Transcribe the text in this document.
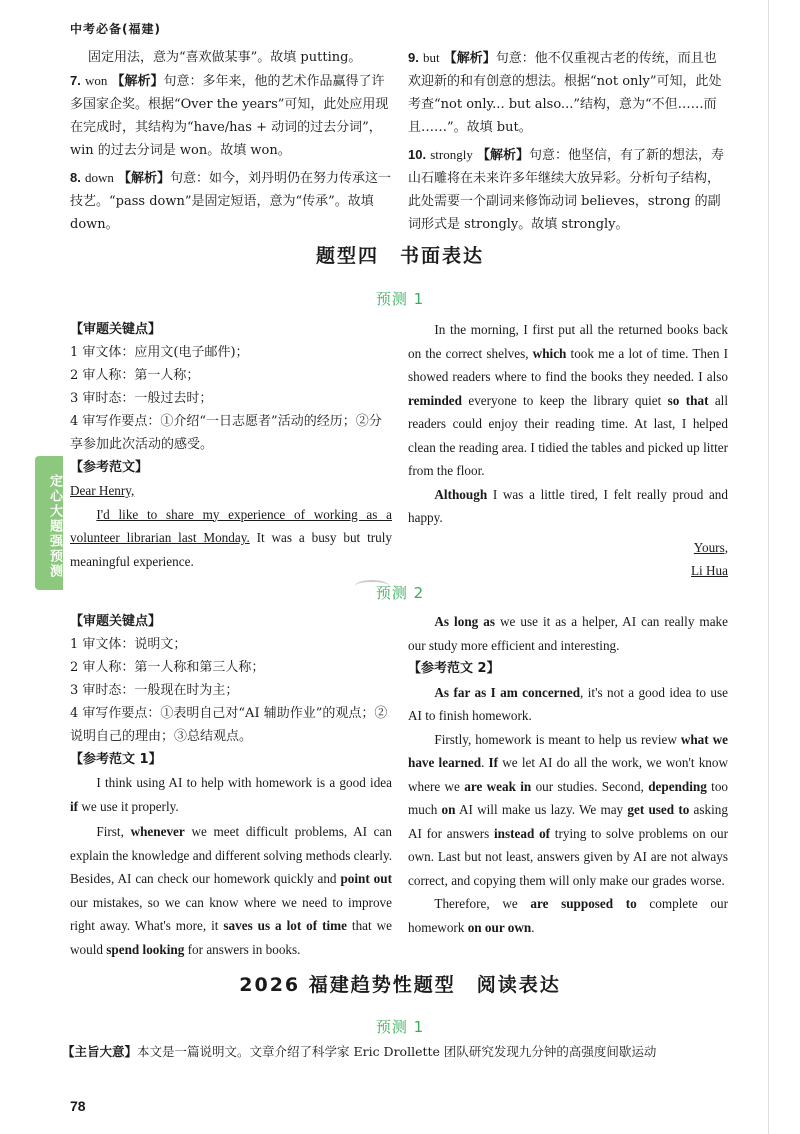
中考必备(福建)

固定用法，意为“喜欢做某事”。故填 putting。

7. won 【解析】句意：多年来，他的艺术作品赢得了许多国家企奖。根据“Over the years”可知，此处应用现在完成时，其结构为“have/has + 动词的过去分词”，win 的过去分词是 won。故填 won。

8. down 【解析】句意：如今，刘丹明仍在努力传承这一技艺。“pass down”是固定短语，意为“传承”。故填 down。

9. but 【解析】句意：他不仅重视古老的传统，而且也欢迎新的和有创意的想法。根据“not only”可知，此处考查“not only... but also...”结构，意为“不但……而且……”。故填 but。

10. strongly 【解析】句意：他坚信，有了新的想法，寿山石雕将在未来许多年继续大放异彩。分析句子结构，此处需要一个副词来修饰动词 believes，strong 的副词形式是 strongly。故填 strongly。

题型四　书面表达
预测 1

【审题关键点】

1 审文体：应用文(电子邮件)；

2 审人称：第一人称；

3 审时态：一般过去时；

4 审写作要点：①介绍“一日志愿者”活动的经历；②分享参加此次活动的感受。

【参考范文】

Dear Henry,

I'd like to share my experience of working as a volunteer librarian last Monday. It was a busy but truly meaningful experience.

In the morning, I first put all the returned books back on the correct shelves, which took me a lot of time. Then I showed readers where to find the books they needed. I also reminded everyone to keep the library quiet so that all readers could enjoy their reading time. At last, I helped clean the reading area. I tidied the tables and picked up litter from the floor.

Although I was a little tired, I felt really proud and happy.

Yours,

Li Hua

定心大题强预测
预测 2

【审题关键点】

1 审文体：说明文；

2 审人称：第一人称和第三人称；

3 审时态：一般现在时为主；

4 审写作要点：①表明自己对“AI 辅助作业”的观点；②说明自己的理由；③总结观点。

【参考范文 1】

I think using AI to help with homework is a good idea if we use it properly.

First, whenever we meet difficult problems, AI can explain the knowledge and different solving methods clearly. Besides, AI can check our homework quickly and point out our mistakes, so we can know where we need to improve right away. What's more, it saves us a lot of time that we would spend looking for answers in books.

As long as we use it as a helper, AI can really make our study more efficient and interesting.

【参考范文 2】

As far as I am concerned, it's not a good idea to use AI to finish homework.

Firstly, homework is meant to help us review what we have learned. If we let AI do all the work, we won't know where we are weak in our studies. Second, depending too much on AI will make us lazy. We may get used to asking AI for answers instead of trying to solve problems on our own. Last but not least, answers given by AI are not always correct, and copying them will only make our grades worse.

Therefore, we are supposed to complete our homework on our own.

2026 福建趋势性题型　阅读表达
预测 1

【主旨大意】本文是一篇说明文。文章介绍了科学家 Eric Drollette 团队研究发现九分钟的高强度间歇运动

78
